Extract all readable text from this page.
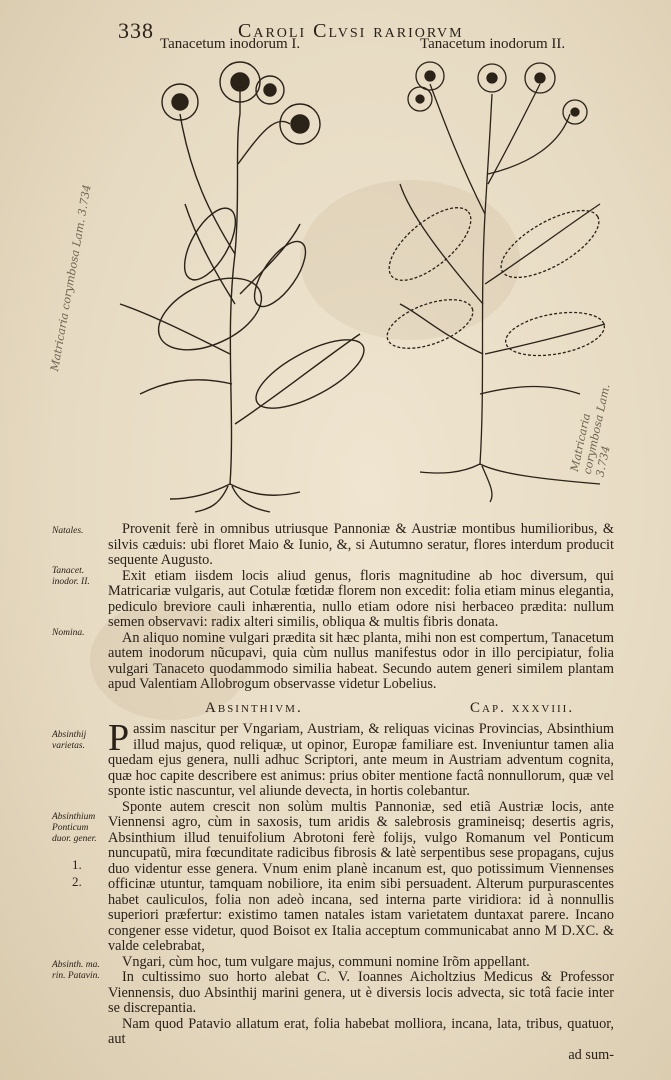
338	Caroli Clvsi rariorvm
Tanacetum inodorum I.	Tanacetum inodorum II.
Matricaria corymbosa Lam. 3.734
Matricaria corymbosa Lam. 3.734
Natales.
Tanacet. inodor. II.
Nomina.
Absinthij varietas.
Absinthium Ponticum duor. gener.
1.
2.
Absinth. ma. rin. Patavin.

Provenit ferè in omnibus utriusque Pannoniæ & Austriæ montibus humilioribus, & silvis cæduis: ubi floret Maio & Iunio, &, si Autumno seratur, flores interdum producit sequente Augusto.

Exit etiam iisdem locis aliud genus, floris magnitudine ab hoc diversum, qui Matricariæ vulgaris, aut Cotulæ fœtidæ florem non excedit: folia etiam minus elegantia, pediculo breviore cauli inhærentia, nullo etiam odore nisi herbaceo prædita: nullum semen observavi: radix alteri similis, obliqua & multis fibris donata.

An aliquo nomine vulgari prædita sit hæc planta, mihi non est compertum, Tanacetum autem inodorum nũcupavi, quia cùm nullus manifestus odor in illo percipiatur, folia vulgari Tanaceto quodammodo similia habeat. Secundo autem generi similem plantam apud Valentiam Allobrogum observasse videtur Lobelius.

Absinthivm.	Cap. xxxviii.

Passim nascitur per Vngariam, Austriam, & reliquas vicinas Provincias, Absinthium illud majus, quod reliquæ, ut opinor, Europæ familiare est. Inveniuntur tamen alia quedam ejus genera, nulli adhuc Scriptori, ante meum in Austriam adventum cognita, quæ hoc capite describere est animus: prius obiter mentione factâ nonnullorum, quæ vel sponte istic nascuntur, vel aliunde devecta, in hortis colebantur.

Sponte autem crescit non solùm multis Pannoniæ, sed etiã Austriæ locis, ante Viennensi agro, cùm in saxosis, tum aridis & salebrosis gramineisq; desertis agris, Absinthium illud tenuifolium Abrotoni ferè folijs, vulgo Romanum vel Ponticum nuncupatũ, mira fœcunditate radicibus fibrosis & latè serpentibus sese propagans, cujus duo videntur esse genera. Vnum enim planè incanum est, quo potissimum Viennenses officinæ utuntur, tamquam nobiliore, ita enim sibi persuadent. Alterum purpurascentes habet cauliculos, folia non adeò incana, sed interna parte viridiora: id à nonnullis superiori præfertur: existimo tamen natales istam varietatem duntaxat parere. Incano congener esse videtur, quod Boisot ex Italia acceptum communicabat anno M D.XC. & valde celebrabat,

Vngari, cùm hoc, tum vulgare majus, communi nomine Irõm appellant.

In cultissimo suo horto alebat C. V. Ioannes Aicholtzius Medicus & Professor Viennensis, duo Absinthij marini genera, ut è diversis locis advecta, sic totâ facie inter se discrepantia.

Nam quod Patavio allatum erat, folia habebat molliora, incana, lata, tribus, quatuor, aut

ad sum-
